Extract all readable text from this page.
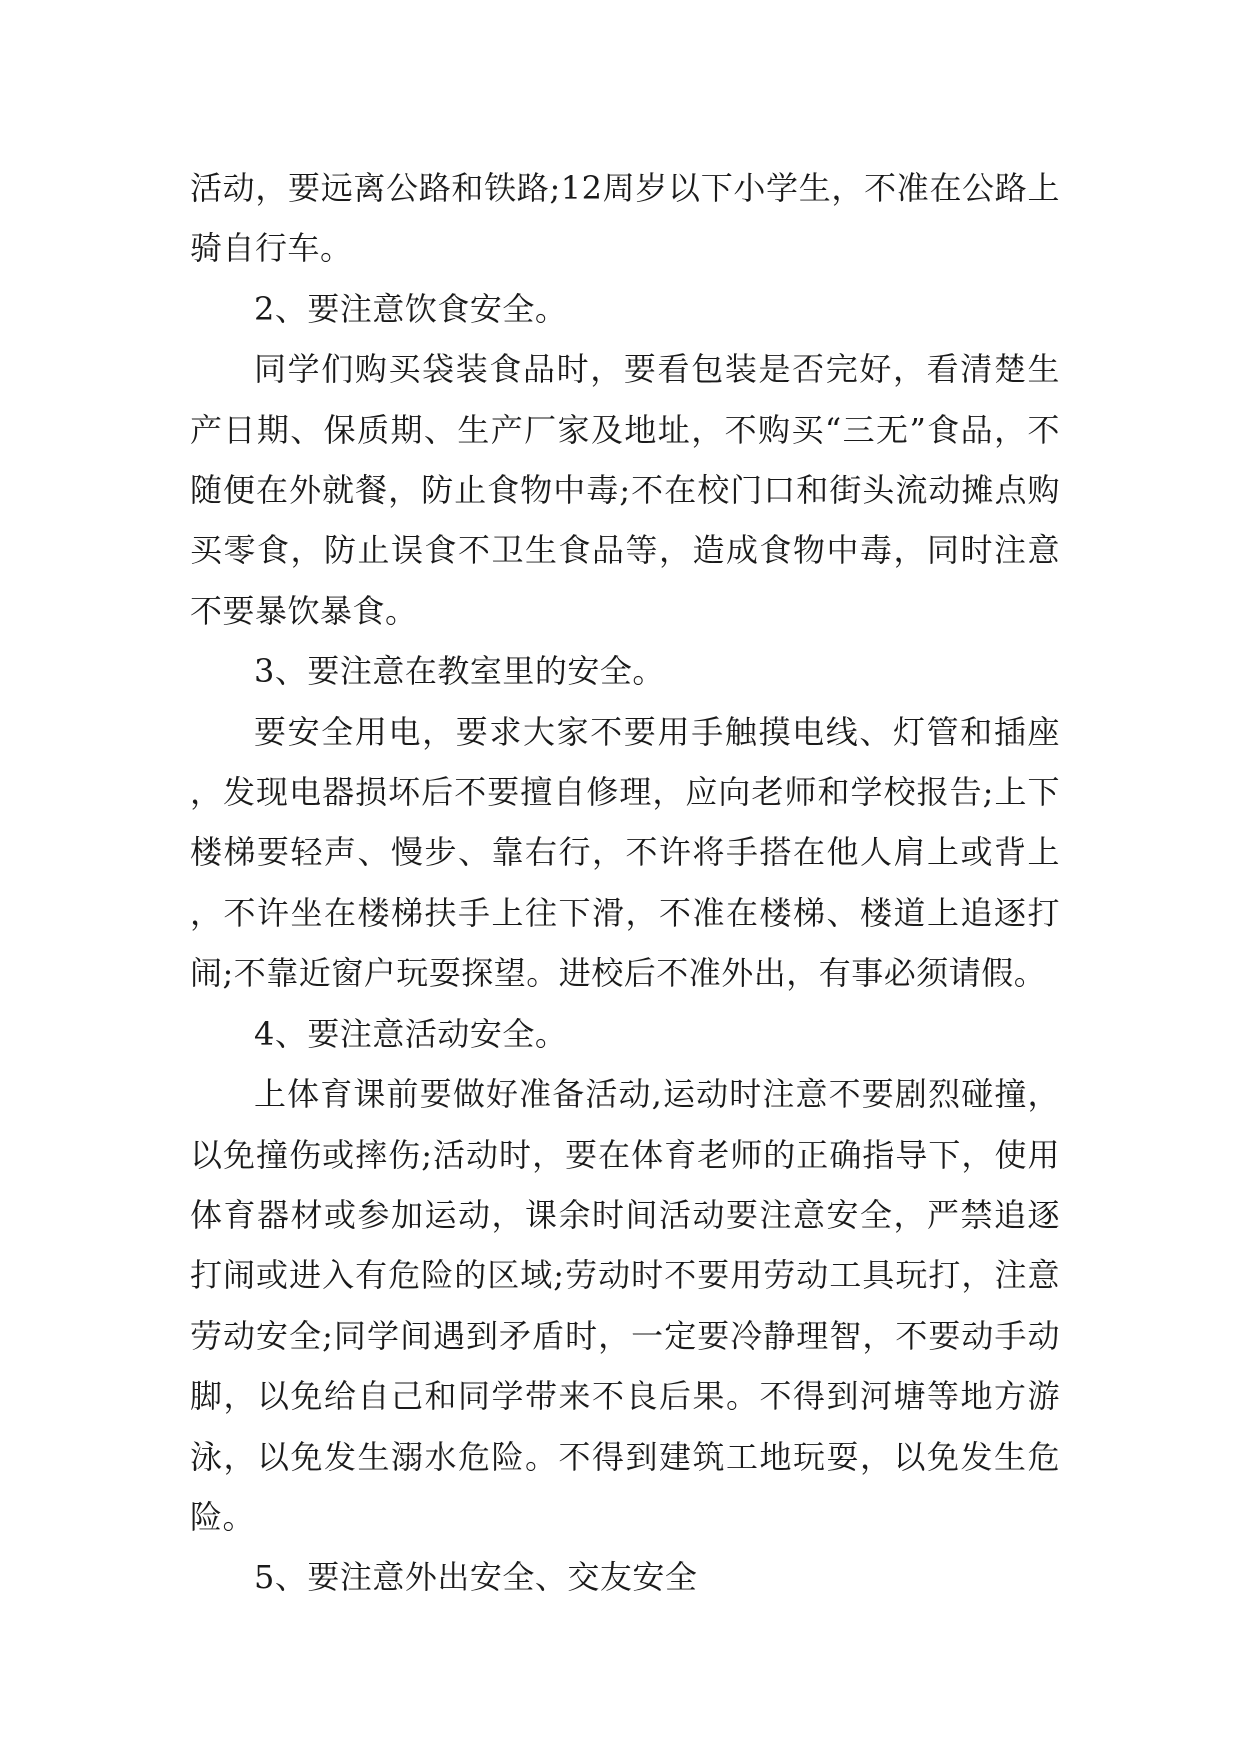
活动，要远离公路和铁路;12周岁以下小学生，不准在公路上骑自行车。

2、要注意饮食安全。

同学们购买袋装食品时，要看包装是否完好，看清楚生产日期、保质期、生产厂家及地址，不购买“三无”食品，不随便在外就餐，防止食物中毒;不在校门口和街头流动摊点购买零食，防止误食不卫生食品等，造成食物中毒，同时注意不要暴饮暴食。

3、要注意在教室里的安全。

要安全用电，要求大家不要用手触摸电线、灯管和插座，发现电器损坏后不要擅自修理，应向老师和学校报告;上下楼梯要轻声、慢步、靠右行，不许将手搭在他人肩上或背上，不许坐在楼梯扶手上往下滑，不准在楼梯、楼道上追逐打闹;不靠近窗户玩耍探望。进校后不准外出，有事必须请假。

4、要注意活动安全。

上体育课前要做好准备活动,运动时注意不要剧烈碰撞，以免撞伤或摔伤;活动时，要在体育老师的正确指导下，使用体育器材或参加运动，课余时间活动要注意安全，严禁追逐打闹或进入有危险的区域;劳动时不要用劳动工具玩打，注意劳动安全;同学间遇到矛盾时，一定要冷静理智，不要动手动脚，以免给自己和同学带来不良后果。不得到河塘等地方游泳，以免发生溺水危险。不得到建筑工地玩耍，以免发生危险。

5、要注意外出安全、交友安全
